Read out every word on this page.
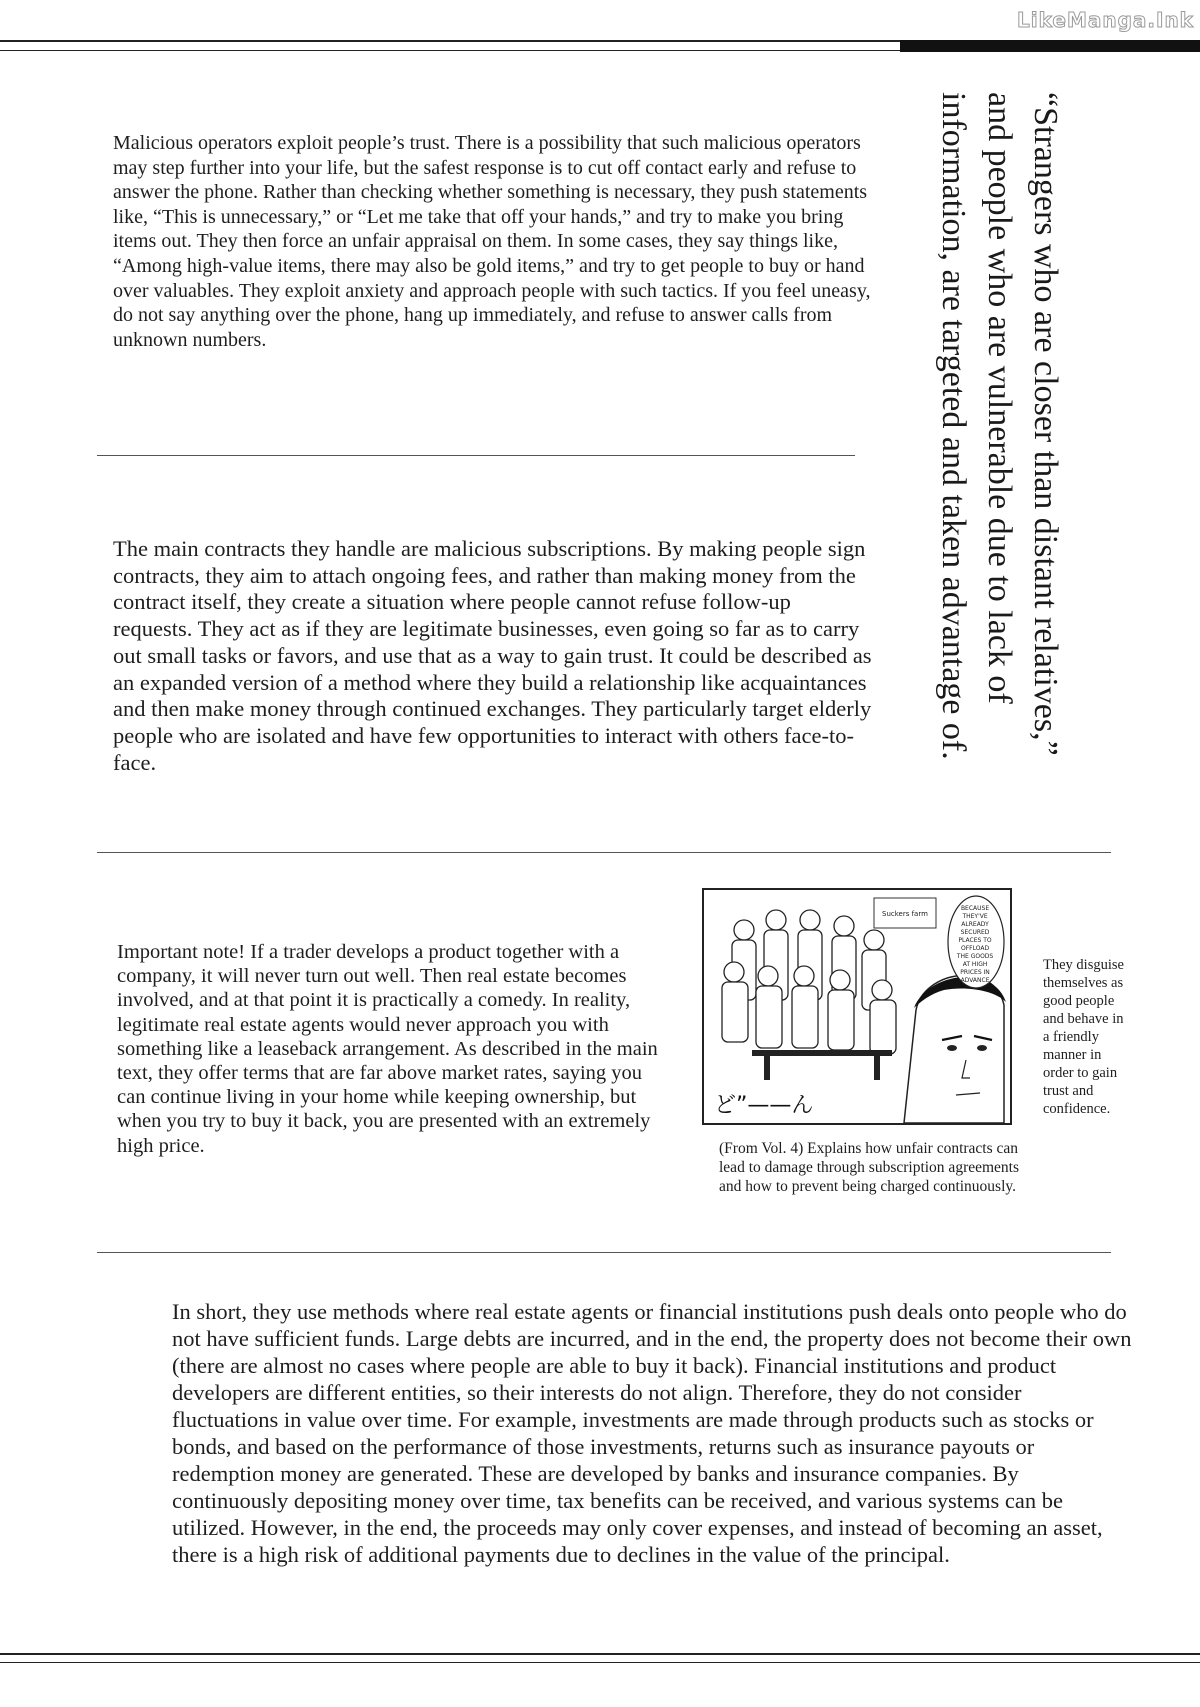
LikeManga.Ink
Malicious operators exploit people’s trust. There is a possibility that such malicious operators may step further into your life, but the safest response is to cut off contact early and refuse to answer the phone. Rather than checking whether something is necessary, they push statements like, “This is unnecessary,” or “Let me take that off your hands,” and try to make you bring items out. They then force an unfair appraisal on them. In some cases, they say things like, “Among high-value items, there may also be gold items,” and try to get people to buy or hand over valuables. They exploit anxiety and approach people with such tactics. If you feel uneasy, do not say anything over the phone, hang up immediately, and refuse to answer calls from unknown numbers.
The main contracts they handle are malicious subscriptions. By making people sign contracts, they aim to attach ongoing fees, and rather than making money from the contract itself, they create a situation where people cannot refuse follow-up requests. They act as if they are legitimate businesses, even going so far as to carry out small tasks or favors, and use that as a way to gain trust. It could be described as an expanded version of a method where they build a relationship like acquaintances and then make money through continued exchanges. They particularly target elderly people who are isolated and have few opportunities to interact with others face-to-face.
“Strangers who are closer than distant relatives,” and people who are vulnerable due to lack of information, are targeted and taken advantage of.
Important note! If a trader develops a product together with a company, it will never turn out well. Then real estate becomes involved, and at that point it is practically a comedy. In reality, legitimate real estate agents would never approach you with something like a leaseback arrangement. As described in the main text, they offer terms that are far above market rates, saying you can continue living in your home while keeping ownership, but when you try to buy it back, you are presented with an extremely high price.
Suckers farm
BECAUSE THEY'VE ALREADY SECURED PLACES TO OFFLOAD THE GOODS AT HIGH PRICES IN ADVANCE.
ど”——ん
They disguise themselves as good people and behave in a friendly manner in order to gain trust and confidence.
(From Vol. 4) Explains how unfair contracts can lead to damage through subscription agreements and how to prevent being charged continuously.
In short, they use methods where real estate agents or financial institutions push deals onto people who do not have sufficient funds. Large debts are incurred, and in the end, the property does not become their own (there are almost no cases where people are able to buy it back). Financial institutions and product developers are different entities, so their interests do not align. Therefore, they do not consider fluctuations in value over time. For example, investments are made through products such as stocks or bonds, and based on the performance of those investments, returns such as insurance payouts or redemption money are generated. These are developed by banks and insurance companies. By continuously depositing money over time, tax benefits can be received, and various systems can be utilized. However, in the end, the proceeds may only cover expenses, and instead of becoming an asset, there is a high risk of additional payments due to declines in the value of the principal.
